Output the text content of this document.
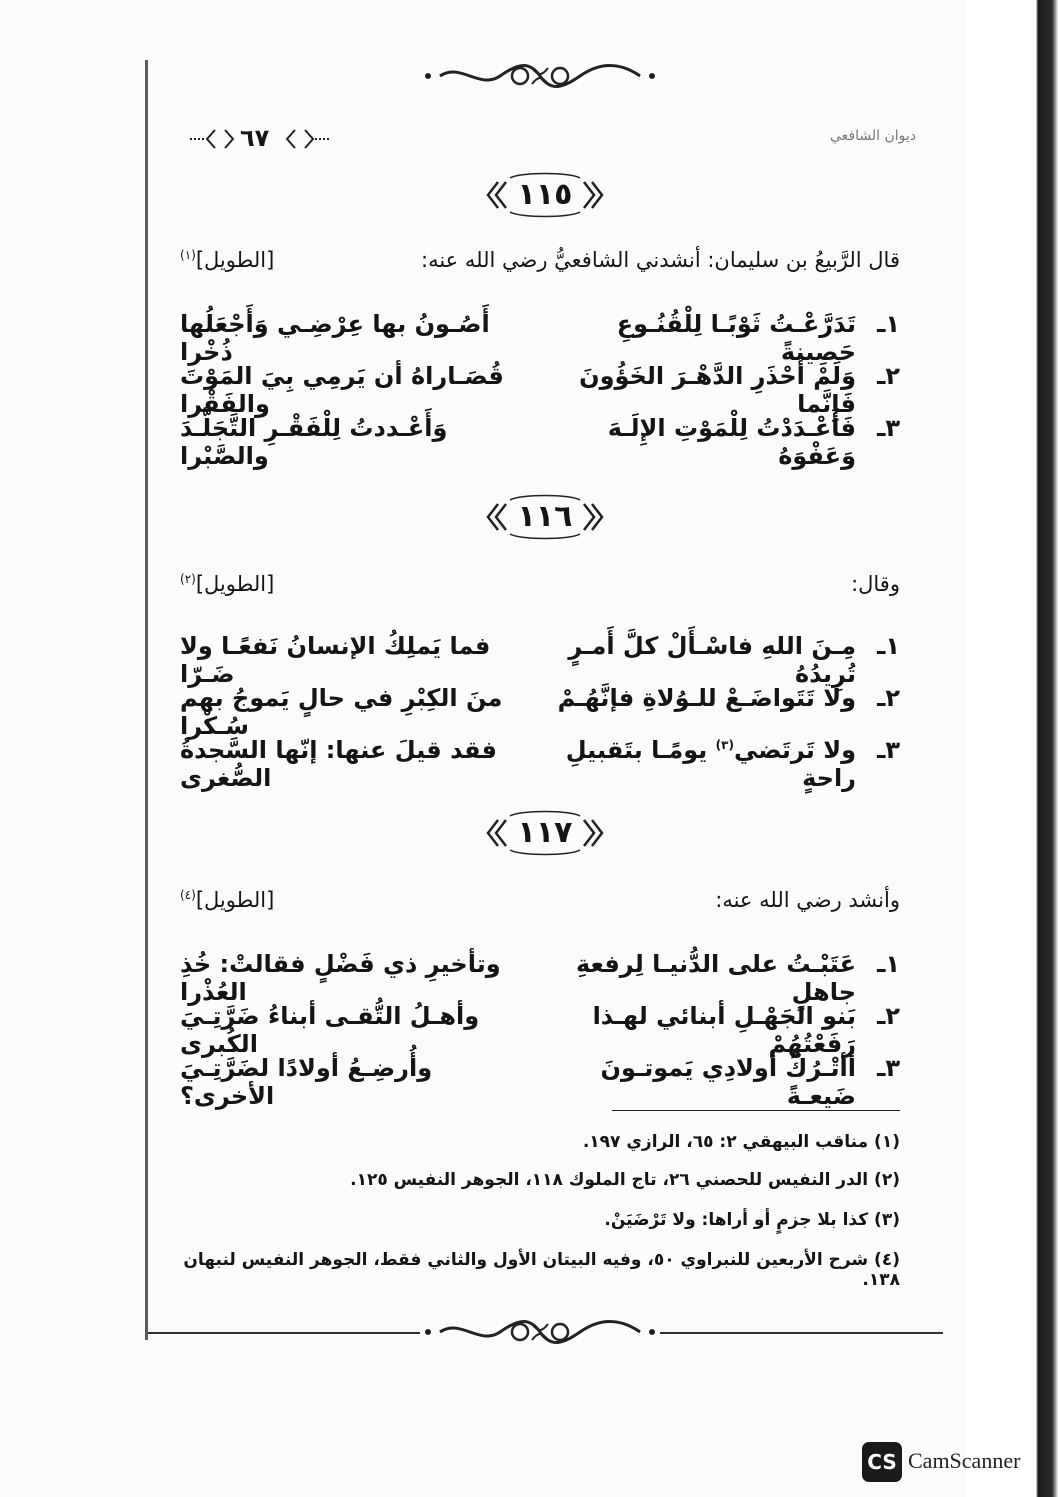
٦٧	ديوان الشافعي
١١٥
قال الرَّبيعُ بن سليمان: أنشدني الشافعيُّ رضي الله عنه:
[الطويل]$^{(١)}$
١ـ
تَدَرَّعْـتُ ثَوْبًـا لِلْقُنُـوعِ حَصِينةً
أَصُـونُ بها عِرْضِـي وَأَجْعَلُها ذُخْرا
٢ـ
وَلَمْ أَحْذَرِ الدَّهْـرَ الخَؤُونَ فَإِنَّما
قُصَـاراهُ أن يَرمِي بِيَ المَوْتَ والفَقْرا
٣ـ
فَأَعْـدَدْتُ لِلْمَوْتِ الإِلَـهَ وَعَفْوَهُ
وَأَعْـددتُ لِلْفَقْـرِ التَّجَلُّـدَ والصَّبْرا
١١٦
وقال:
[الطويل]$^{(٢)}$
١ـ
مِـنَ اللهِ فاسْـأَلْ كلَّ أَمـرٍ تُرِيدُهُ
فما يَملِكُ الإنسانُ نَفعًـا ولا ضَـرّا
٢ـ
ولا تَتَواضَـعْ للـوُلاةِ فإنَّهُـمْ
منَ الكِبْرِ في حالٍ يَموجُ بهم سُـكْرا
٣ـ
ولا تَرتَضي$^{(٣)}$ يومًـا بتَقبيلِ راحةٍ
فقد قيلَ عنها: إنّها السَّجدةُ الصُّغرى
١١٧
وأنشد رضي الله عنه:
[الطويل]$^{(٤)}$
١ـ
عَتَبْـتُ على الدُّنيـا لِرفعةِ جاهلٍ
وتأخيرِ ذي فَضْلٍ فقالتْ: خُذِ العُذْرا
٢ـ
بَنو الجَهْـلِ أبنائي لهـذا رَفَعْتُهُمْ
وأهـلُ التُّقـى أبناءُ ضَرَّتِـيَ الكُبرى
٣ـ
أأتْـرُكُ أولادِي يَموتـونَ ضَيعـةً
وأُرضِـعُ أولادًا لضَرَّتِـيَ الأخرى؟
(١) مناقب البيهقي ٢: ٦٥، الرازي ١٩٧.
(٢) الدر النفيس للحصني ٢٦، تاج الملوك ١١٨، الجوهر النفيس ١٢٥.
(٣) كذا بلا جزمٍ أو أراها: ولا تَرْضَيَنْ.
(٤) شرح الأربعين للنبراوي ٥٠، وفيه البيتان الأول والثاني فقط، الجوهر النفيس لنبهان ١٣٨.
CS CamScanner
